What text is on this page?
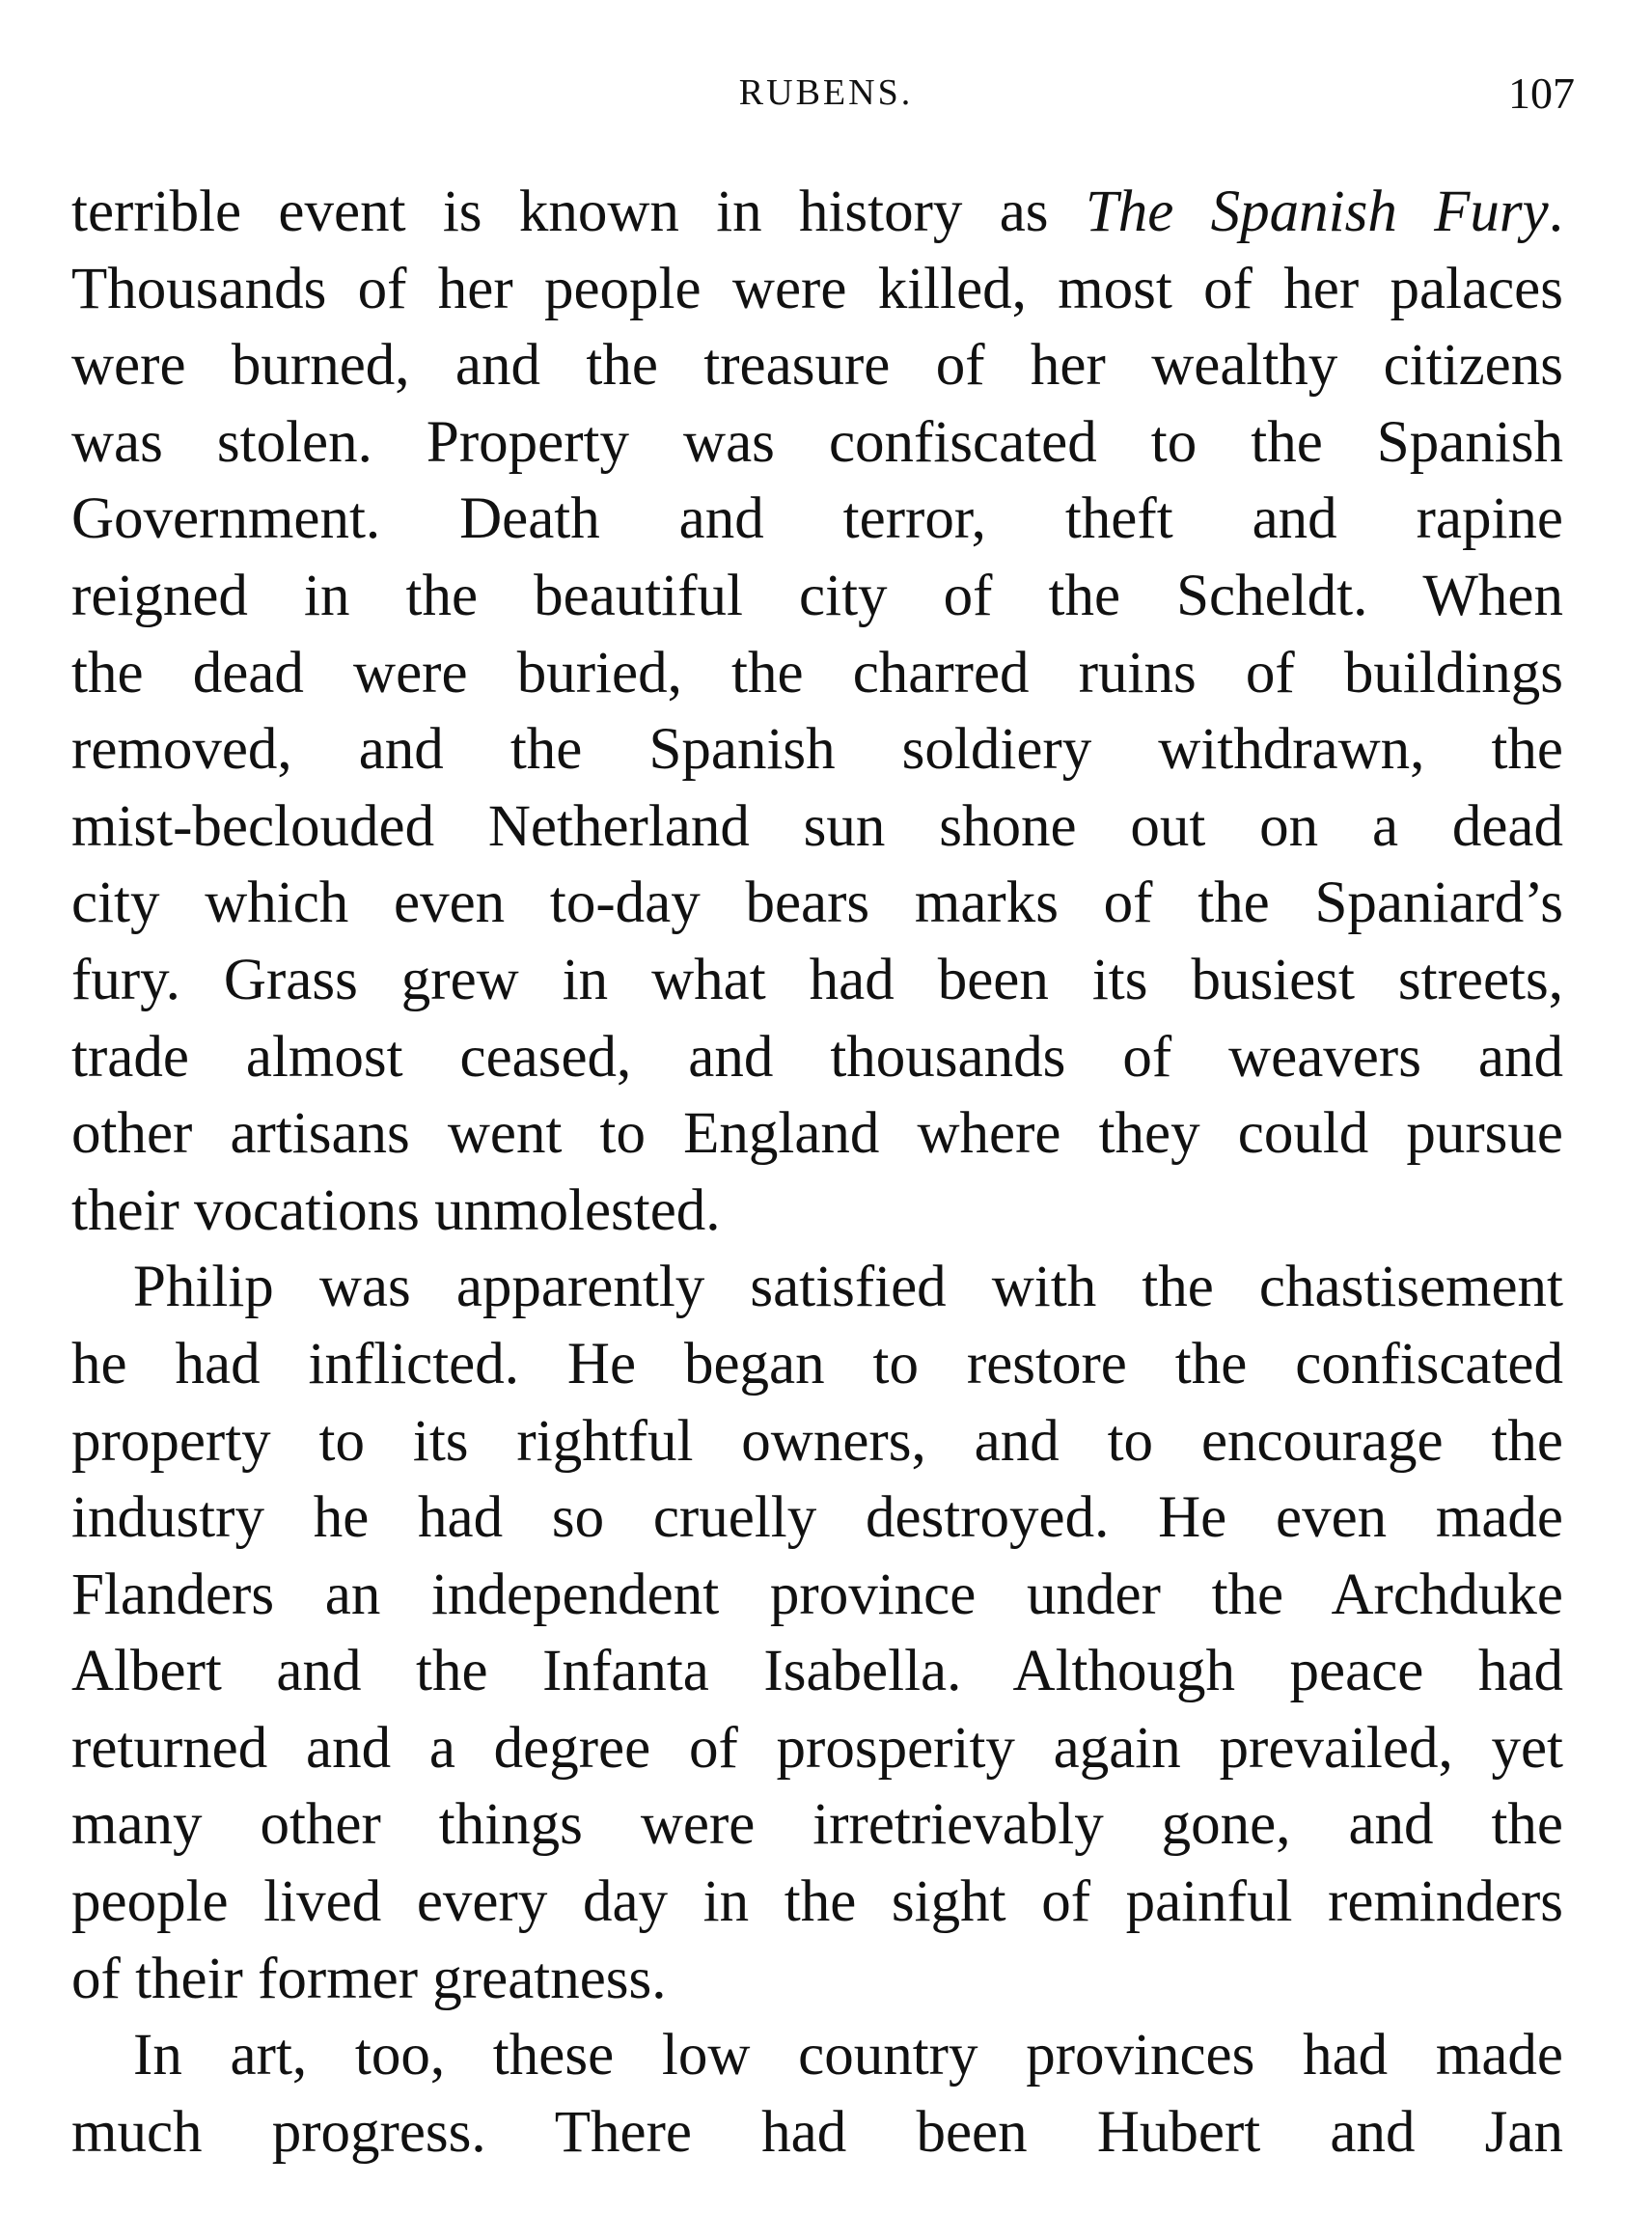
RUBENS.	107
terrible event is known in history as The Spanish Fury.
Thousands of her people were killed, most of her palaces
were burned, and the treasure of her wealthy citizens
was stolen. Property was confiscated to the Spanish
Government. Death and terror, theft and rapine
reigned in the beautiful city of the Scheldt. When
the dead were buried, the charred ruins of buildings
removed, and the Spanish soldiery withdrawn, the
mist-beclouded Netherland sun shone out on a dead
city which even to-day bears marks of the Spaniard’s
fury. Grass grew in what had been its busiest streets,
trade almost ceased, and thousands of weavers and
other artisans went to England where they could pursue
their vocations unmolested.
Philip was apparently satisfied with the chastisement
he had inflicted. He began to restore the confiscated
property to its rightful owners, and to encourage the
industry he had so cruelly destroyed. He even made
Flanders an independent province under the Archduke
Albert and the Infanta Isabella. Although peace had
returned and a degree of prosperity again prevailed, yet
many other things were irretrievably gone, and the
people lived every day in the sight of painful reminders
of their former greatness.
In art, too, these low country provinces had made
much progress. There had been Hubert and Jan
